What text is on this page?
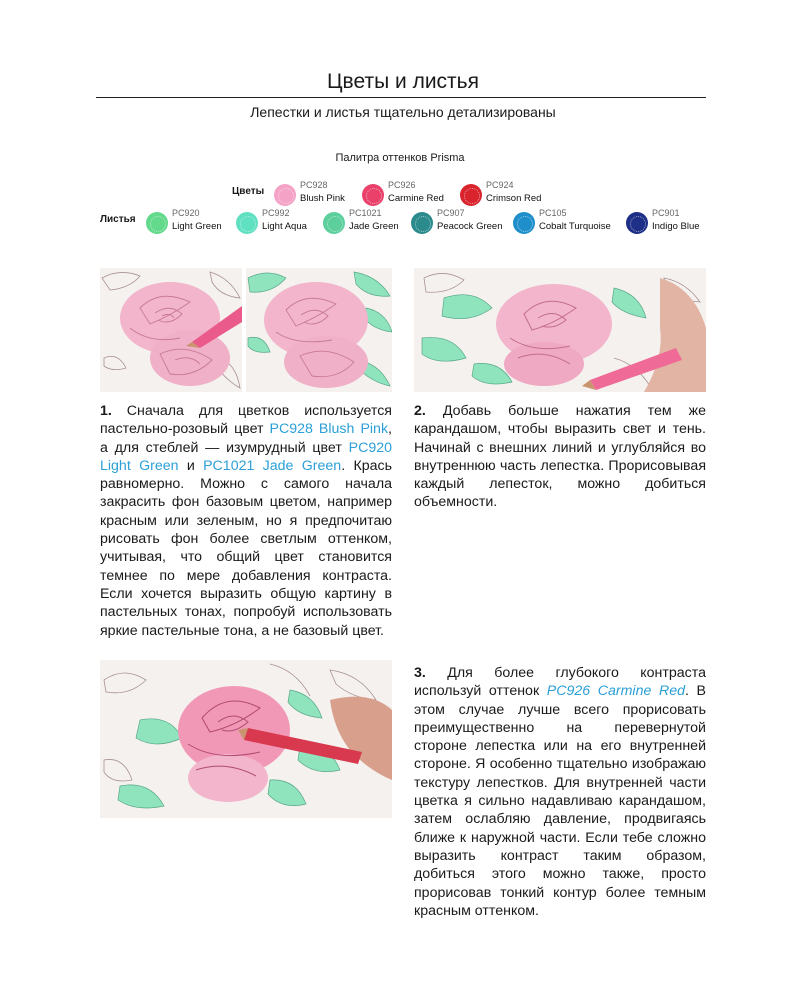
Цветы и листья
Лепестки и листья тщательно детализированы
Палитра оттенков Prisma
Цветы
Листья
PC928
Blush Pink
PC926
Carmine Red
PC924
Crimson Red
PC920
Light Green
PC992
Light Aqua
PC1021
Jade Green
PC907
Peacock Green
PC105
Cobalt Turquoise
PC901
Indigo Blue
1. Сначала для цветков используется пастельно-розовый цвет PC928 Blush Pink, а для стеблей — изумрудный цвет PC920 Light Green и PC1021 Jade Green. Крась равномерно. Можно с самого начала закрасить фон базовым цветом, например красным или зеленым, но я предпочитаю рисовать фон более светлым оттенком, учитывая, что общий цвет становится темнее по мере добавления контраста. Если хочется выразить общую картину в пастельных тонах, попробуй использовать яркие пастельные тона, а не базовый цвет.
2. Добавь больше нажатия тем же карандашом, чтобы выразить свет и тень. Начинай с внешних линий и углубляйся во внутреннюю часть лепестка. Прорисовывая каждый лепесток, можно добиться объемности.
3. Для более глубокого контраста используй оттенок PC926 Carmine Red. В этом случае лучше всего прорисовать преимущественно на перевернутой стороне лепестка или на его внутренней стороне. Я особенно тщательно изображаю текстуру лепестков. Для внутренней части цветка я сильно надавливаю карандашом, затем ослабляю давление, продвигаясь ближе к наружной части. Если тебе сложно выразить контраст таким образом, добиться этого можно также, просто прорисовав тонкий контур более темным красным оттенком.
